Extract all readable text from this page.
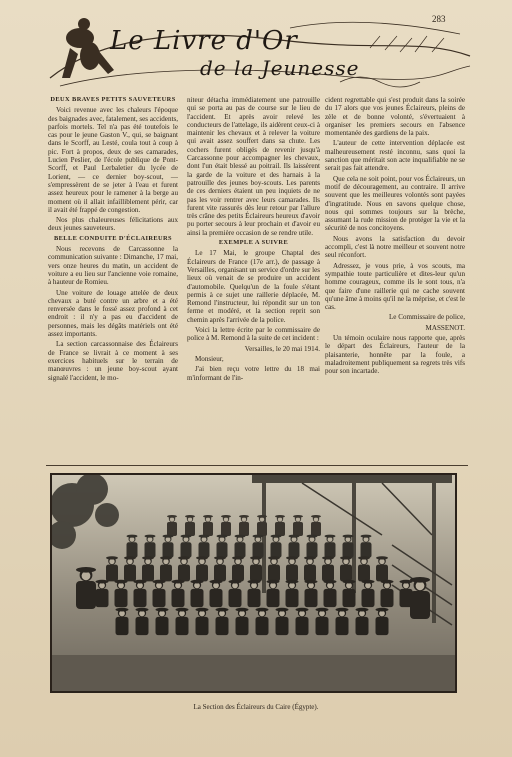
283
Le Livre d'Or
de la Jeunesse
DEUX BRAVES PETITS SAUVETEURS

Voici revenue avec les chaleurs l'époque des baignades avec, fatalement, ses accidents, parfois mortels. Tel n'a pas été toutefois le cas pour le jeune Gaston V., qui, se baignant dans le Scorff, au Lesté, coula tout à coup à pic. Fort à propos, deux de ses camarades, Lucien Peslier, de l'école publique de Pont-Scorff, et Paul Lerbaletier du lycée de Lorient, — ce dernier boy-scout, — s'empressèrent de se jeter à l'eau et furent assez heureux pour le ramener à la berge au moment où il allait infailliblement périr, car il avait été frappé de congestion.

Nos plus chaleureuses félicitations aux deux jeunes sauveteurs.

BELLE CONDUITE D'ÉCLAIREURS

Nous recevons de Carcassonne la communication suivante : Dimanche, 17 mai, vers onze heures du matin, un accident de voiture a eu lieu sur l'ancienne voie romaine, à hauteur de Romieu.

Une voiture de louage attelée de deux chevaux a buté contre un arbre et a été renversée dans le fossé assez profond à cet endroit : il n'y a pas eu d'accident de personnes, mais les dégâts matériels ont été assez importants.

La section carcassonnaise des Éclaireurs de France se livrait à ce moment à ses exercices habituels sur le terrain de manœuvres : un jeune boy-scout ayant signalé l'accident, le mo-

niteur détacha immédiatement une patrouille qui se porta au pas de course sur le lieu de l'accident. Et après avoir relevé les conducteurs de l'attelage, ils aidèrent ceux-ci à maintenir les chevaux et à relever la voiture qui avait assez souffert dans sa chute. Les cochers furent obligés de revenir jusqu'à Carcassonne pour accompagner les chevaux, dont l'un était blessé au poitrail. Ils laissèrent la garde de la voiture et des harnais à la patrouille des jeunes boy-scouts. Les parents de ces derniers étaient un peu inquiets de ne pas les voir rentrer avec leurs camarades. Ils furent vite rassurés dès leur retour par l'allure très crâne des petits Éclaireurs heureux d'avoir pu porter secours à leur prochain et d'avoir eu ainsi la première occasion de se rendre utile.

EXEMPLE A SUIVRE

Le 17 Mai, le groupe Chaptal des Éclaireurs de France (17e arr.), de passage à Versailles, organisant un service d'ordre sur les lieux où venait de se produire un accident d'automobile. Quelqu'un de la foule s'étant permis à ce sujet une raillerie déplacée, M. Remond l'instructeur, lui répondit sur un ton ferme et modéré, et la section reprit son chemin après l'arrivée de la police.

Voici la lettre écrite par le commissaire de police à M. Remond à la suite de cet incident :

Versailles, le 20 mai 1914.

Monsieur,

J'ai bien reçu votre lettre du 18 mai m'informant de l'in-

cident regrettable qui s'est produit dans la soirée du 17 alors que vos jeunes Éclaireurs, pleins de zèle et de bonne volonté, s'évertuaient à organiser les premiers secours en l'absence momentanée des gardiens de la paix.

L'auteur de cette intervention déplacée est malheureusement resté inconnu, sans quoi la sanction que méritait son acte inqualifiable ne se serait pas fait attendre.

Que cela ne soit point, pour vos Éclaireurs, un motif de découragement, au contraire. Il arrive souvent que les meilleures volontés sont payées d'ingratitude. Nous en savons quelque chose, nous qui sommes toujours sur la brèche, assumant la rude mission de protéger la vie et la sécurité de nos concitoyens.

Nous avons la satisfaction du devoir accompli, c'est là notre meilleur et souvent notre seul réconfort.

Adressez, je vous prie, à vos scouts, ma sympathie toute particulière et dites-leur qu'un homme courageux, comme ils le sont tous, n'a que faire d'une raillerie qui ne cache souvent qu'une âme à moins qu'il ne la méprise, et c'est le cas.

Le Commissaire de police,

MASSENOT.

Un témoin oculaire nous rapporte que, après le départ des Éclaireurs, l'auteur de la plaisanterie, honnête par la foule, a maladroitement publiquement sa regrets très vifs pour son incartade.

La Section des Éclaireurs du Caire (Égypte).
